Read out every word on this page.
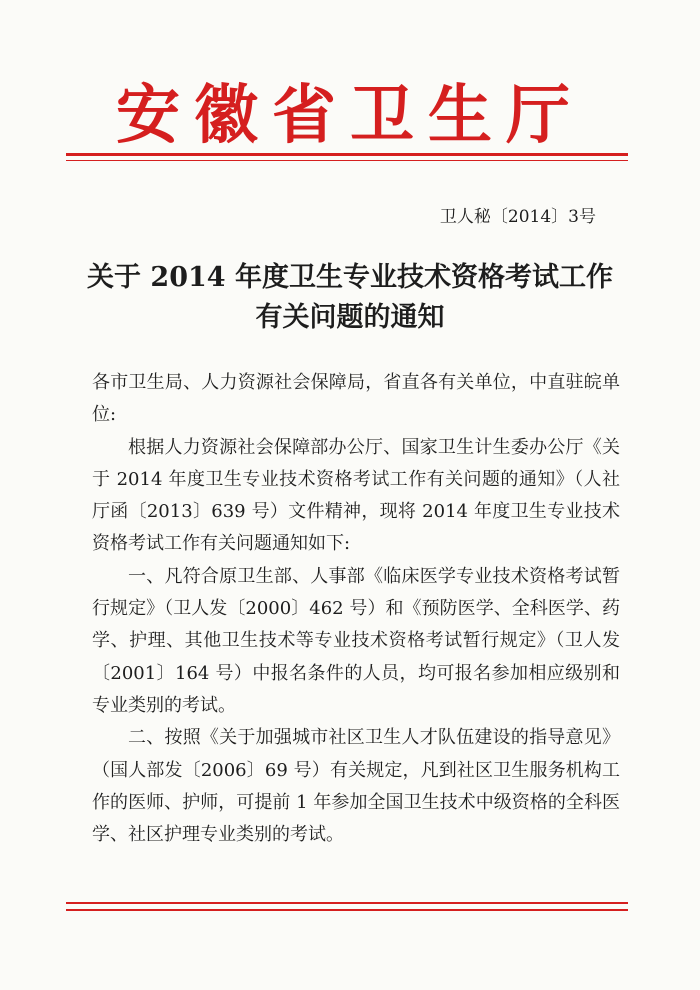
安徽省卫生厅
卫人秘〔2014〕3号
关于 2014 年度卫生专业技术资格考试工作
有关问题的通知

各市卫生局、人力资源社会保障局，省直各有关单位，中直驻皖单位:

根据人力资源社会保障部办公厅、国家卫生计生委办公厅《关于 2014 年度卫生专业技术资格考试工作有关问题的通知》（人社厅函〔2013〕639 号）文件精神，现将 2014 年度卫生专业技术资格考试工作有关问题通知如下:

一、凡符合原卫生部、人事部《临床医学专业技术资格考试暂行规定》（卫人发〔2000〕462 号）和《预防医学、全科医学、药学、护理、其他卫生技术等专业技术资格考试暂行规定》（卫人发〔2001〕164 号）中报名条件的人员，均可报名参加相应级别和专业类别的考试。

二、按照《关于加强城市社区卫生人才队伍建设的指导意见》（国人部发〔2006〕69 号）有关规定，凡到社区卫生服务机构工作的医师、护师，可提前 1 年参加全国卫生技术中级资格的全科医学、社区护理专业类别的考试。
